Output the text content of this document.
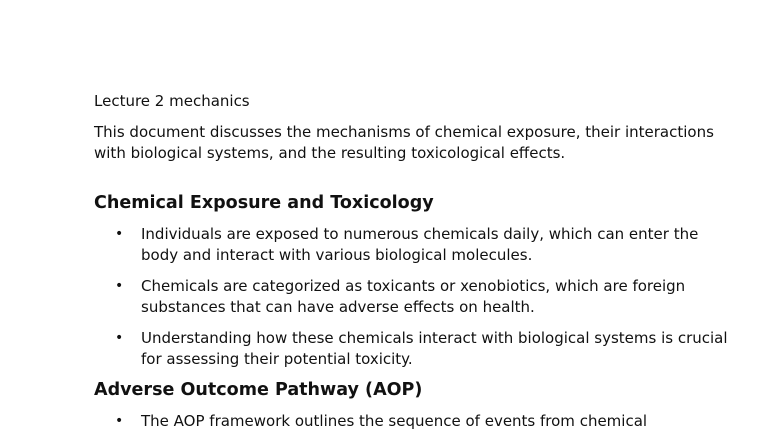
Lecture 2 mechanics

This document discusses the mechanisms of chemical exposure, their interactions with biological systems, and the resulting toxicological effects.

Chemical Exposure and Toxicology
• Individuals are exposed to numerous chemicals daily, which can enter the body and interact with various biological molecules.
• Chemicals are categorized as toxicants or xenobiotics, which are foreign substances that can have adverse effects on health.
• Understanding how these chemicals interact with biological systems is crucial for assessing their potential toxicity.
Adverse Outcome Pathway (AOP)
• The AOP framework outlines the sequence of events from chemical
